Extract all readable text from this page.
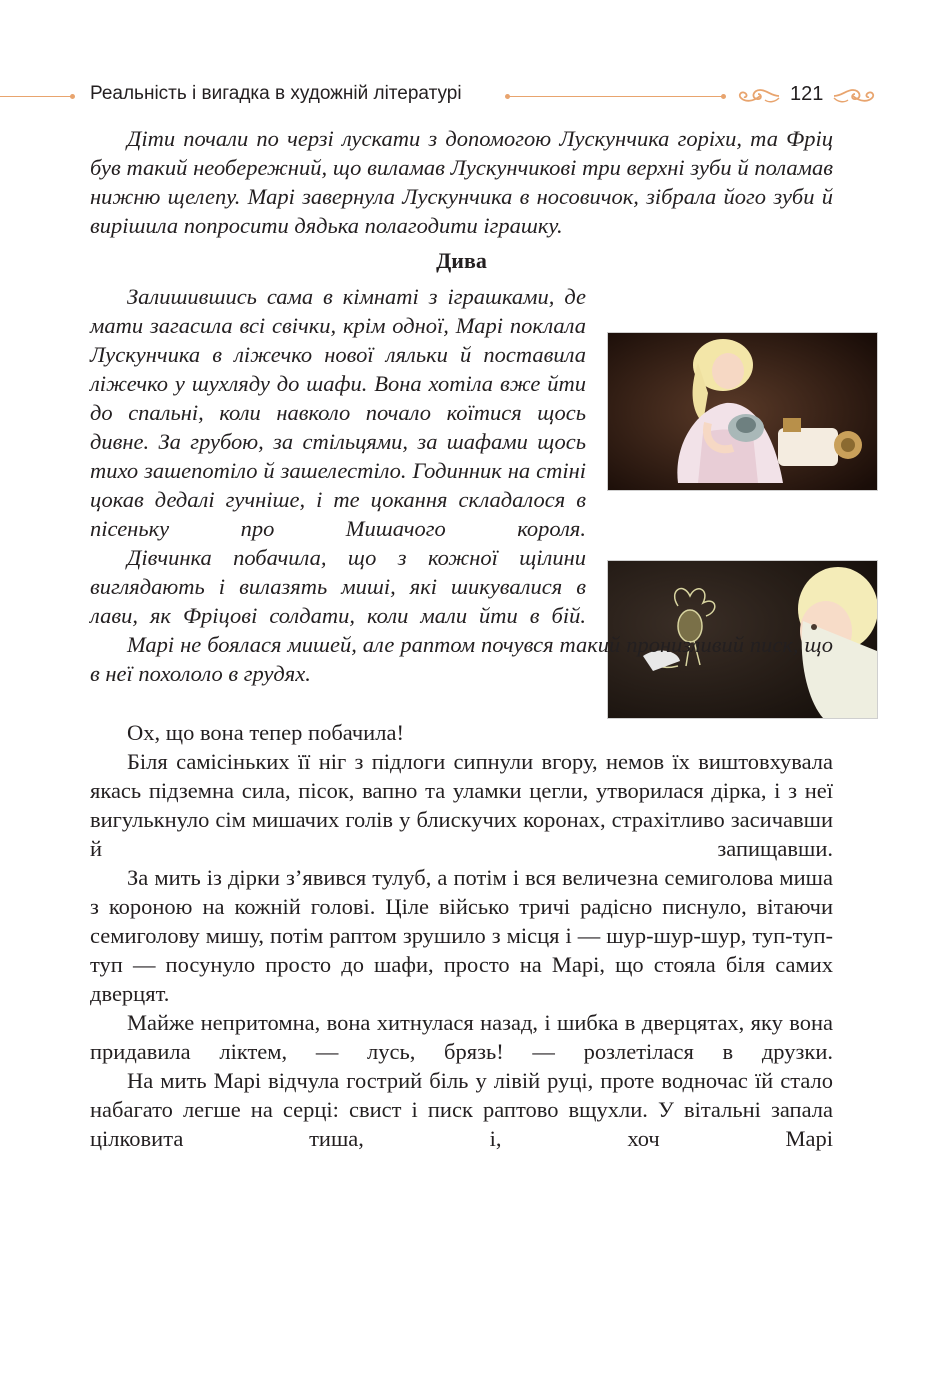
Реальність і вигадка в художній літературі	121

Діти почали по черзі лускати з допомогою Лускунчика горіхи, та Фріц був такий необережний, що виламав Лускунчикові три верхні зуби й поламав нижню щелепу. Марі завернула Лускунчика в носовичок, зібрала його зуби й вирішила попросити дядька полагодити іграшку.

Дива

Залишившись сама в кімнаті з іграшками, де мати загасила всі свічки, крім одної, Марі поклала Лускунчика в ліжечко нової ляльки й поставила ліжечко у шухляду до шафи. Вона хотіла вже йти до спальні, коли навколо почало коїтися щось дивне. За грубою, за стільцями, за шафами щось тихо зашепотіло й зашелестіло. Годинник на стіні цокав дедалі гучніше, і те цокання складалося в пісеньку про Мишачого короля.

Дівчинка побачила, що з кожної щілини виглядають і вилазять миші, які шикувалися в лави, як Фріцові солдати, коли мали йти в бій.

Марі не боялася мишей, але раптом почувся такий пронизливий писк, що в неї похололо в грудях.

Ох, що вона тепер побачила!

Біля самісіньких її ніг з підлоги сипнули вгору, немов їх виштовхувала якась підземна сила, пісок, вапно та уламки цегли, утворилася дірка, і з неї вигулькнуло сім мишачих голів у блискучих коронах, страхітливо засичавши й запищавши.

За мить із дірки з’явився тулуб, а потім і вся величезна семиголова миша з короною на кожній голові. Ціле військо тричі радісно писнуло, вітаючи семиголову мишу, потім раптом зрушило з місця і — шур-шур-шур, туп-туп-туп — посунуло просто до шафи, просто на Марі, що стояла біля самих дверцят.

Майже непритомна, вона хитнулася назад, і шибка в дверцятах, яку вона придавила ліктем, — лусь, брязь! — розлетілася в друзки.

На мить Марі відчула гострий біль у лівій руці, проте водночас їй стало набагато легше на серці: свист і писк раптово вщухли. У вітальні запала цілковита тиша, і, хоч Марі
